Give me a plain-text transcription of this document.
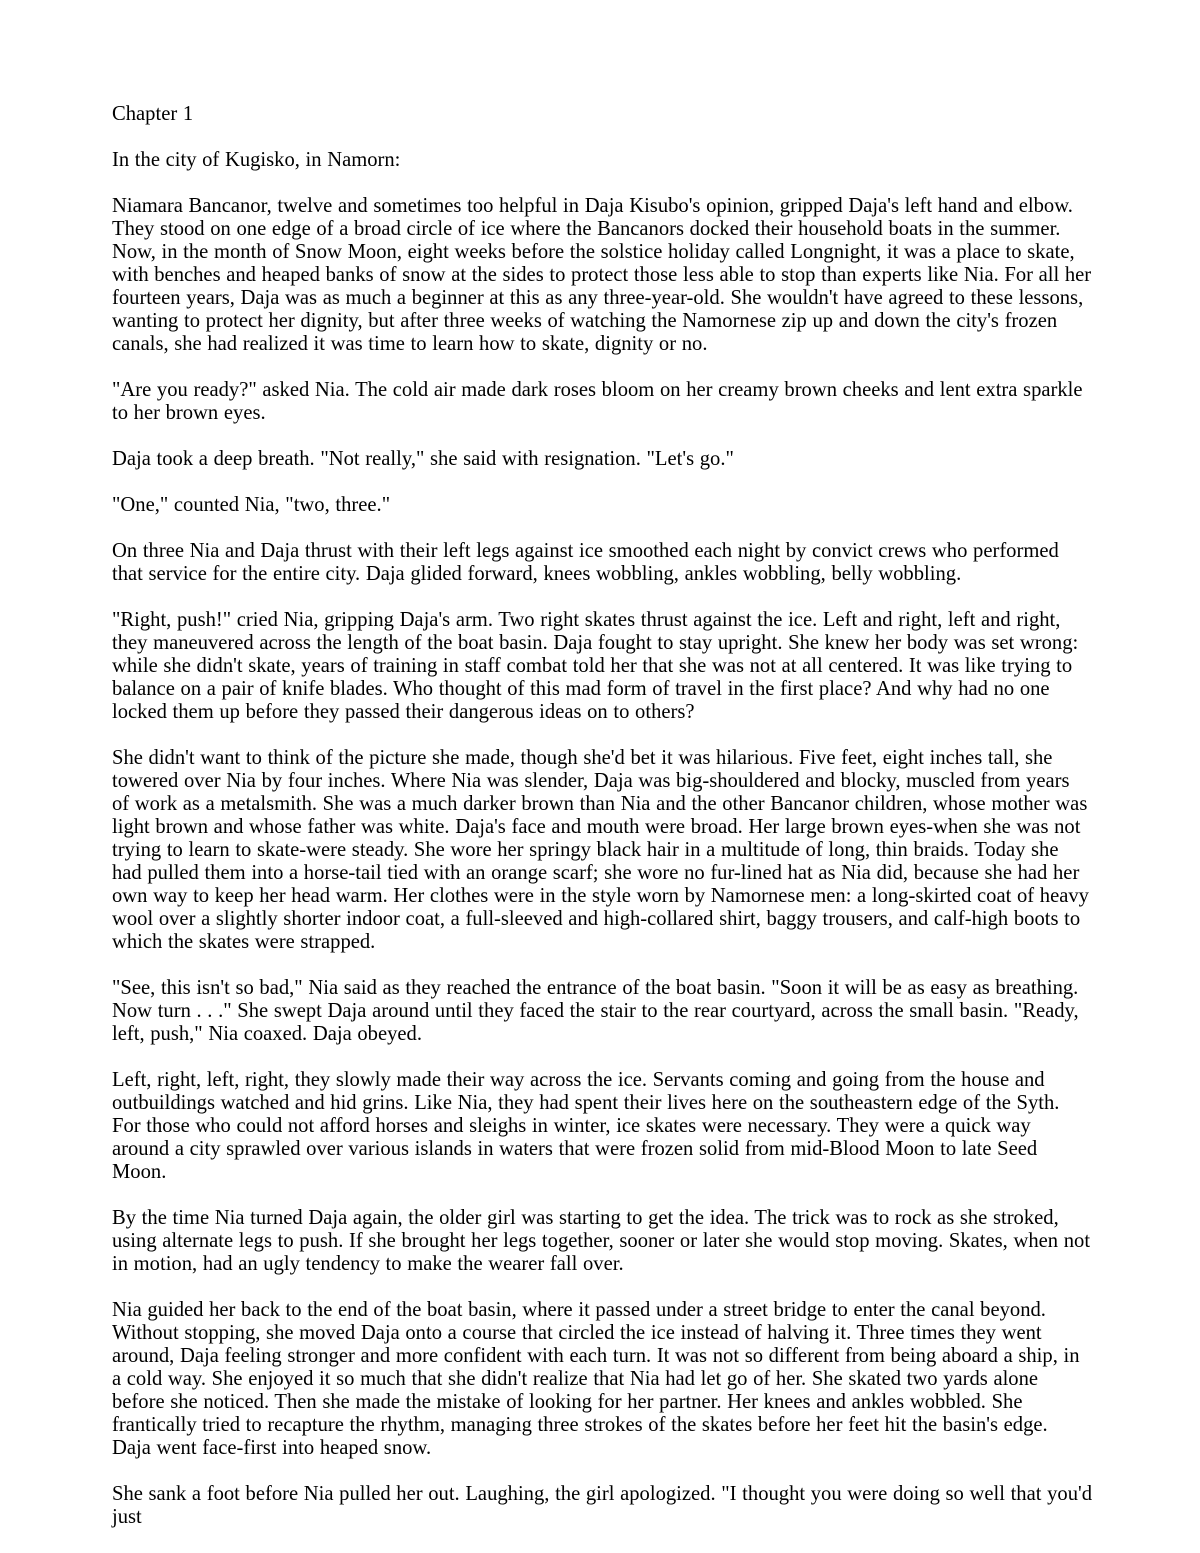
Chapter 1

In the city of Kugisko, in Namorn:

Niamara Bancanor, twelve and sometimes too helpful in Daja Kisubo's opinion, gripped Daja's left hand and elbow. They stood on one edge of a broad circle of ice where the Bancanors docked their household boats in the summer. Now, in the month of Snow Moon, eight weeks before the solstice holiday called Longnight, it was a place to skate, with benches and heaped banks of snow at the sides to protect those less able to stop than experts like Nia. For all her fourteen years, Daja was as much a beginner at this as any three-year-old. She wouldn't have agreed to these lessons, wanting to protect her dignity, but after three weeks of watching the Namornese zip up and down the city's frozen canals, she had realized it was time to learn how to skate, dignity or no.

"Are you ready?" asked Nia. The cold air made dark roses bloom on her creamy brown cheeks and lent extra sparkle to her brown eyes.

Daja took a deep breath. "Not really," she said with resignation. "Let's go."

"One," counted Nia, "two, three."

On three Nia and Daja thrust with their left legs against ice smoothed each night by convict crews who performed that service for the entire city. Daja glided forward, knees wobbling, ankles wobbling, belly wobbling.

"Right, push!" cried Nia, gripping Daja's arm. Two right skates thrust against the ice. Left and right, left and right, they maneuvered across the length of the boat basin. Daja fought to stay upright. She knew her body was set wrong: while she didn't skate, years of training in staff combat told her that she was not at all centered. It was like trying to balance on a pair of knife blades. Who thought of this mad form of travel in the first place? And why had no one locked them up before they passed their dangerous ideas on to others?

She didn't want to think of the picture she made, though she'd bet it was hilarious. Five feet, eight inches tall, she towered over Nia by four inches. Where Nia was slender, Daja was big-shouldered and blocky, muscled from years of work as a metalsmith. She was a much darker brown than Nia and the other Bancanor children, whose mother was light brown and whose father was white. Daja's face and mouth were broad. Her large brown eyes-when she was not trying to learn to skate-were steady. She wore her springy black hair in a multitude of long, thin braids. Today she had pulled them into a horse-tail tied with an orange scarf; she wore no fur-lined hat as Nia did, because she had her own way to keep her head warm. Her clothes were in the style worn by Namornese men: a long-skirted coat of heavy wool over a slightly shorter indoor coat, a full-sleeved and high-collared shirt, baggy trousers, and calf-high boots to which the skates were strapped.

"See, this isn't so bad," Nia said as they reached the entrance of the boat basin. "Soon it will be as easy as breathing. Now turn . . ." She swept Daja around until they faced the stair to the rear courtyard, across the small basin. "Ready, left, push," Nia coaxed. Daja obeyed.

Left, right, left, right, they slowly made their way across the ice. Servants coming and going from the house and outbuildings watched and hid grins. Like Nia, they had spent their lives here on the southeastern edge of the Syth. For those who could not afford horses and sleighs in winter, ice skates were necessary. They were a quick way around a city sprawled over various islands in waters that were frozen solid from mid-Blood Moon to late Seed Moon.

By the time Nia turned Daja again, the older girl was starting to get the idea. The trick was to rock as she stroked, using alternate legs to push. If she brought her legs together, sooner or later she would stop moving. Skates, when not in motion, had an ugly tendency to make the wearer fall over.

Nia guided her back to the end of the boat basin, where it passed under a street bridge to enter the canal beyond. Without stopping, she moved Daja onto a course that circled the ice instead of halving it. Three times they went around, Daja feeling stronger and more confident with each turn. It was not so different from being aboard a ship, in a cold way. She enjoyed it so much that she didn't realize that Nia had let go of her. She skated two yards alone before she noticed. Then she made the mistake of looking for her partner. Her knees and ankles wobbled. She frantically tried to recapture the rhythm, managing three strokes of the skates before her feet hit the basin's edge. Daja went face-first into heaped snow.

She sank a foot before Nia pulled her out. Laughing, the girl apologized. "I thought you were doing so well that you'd just
